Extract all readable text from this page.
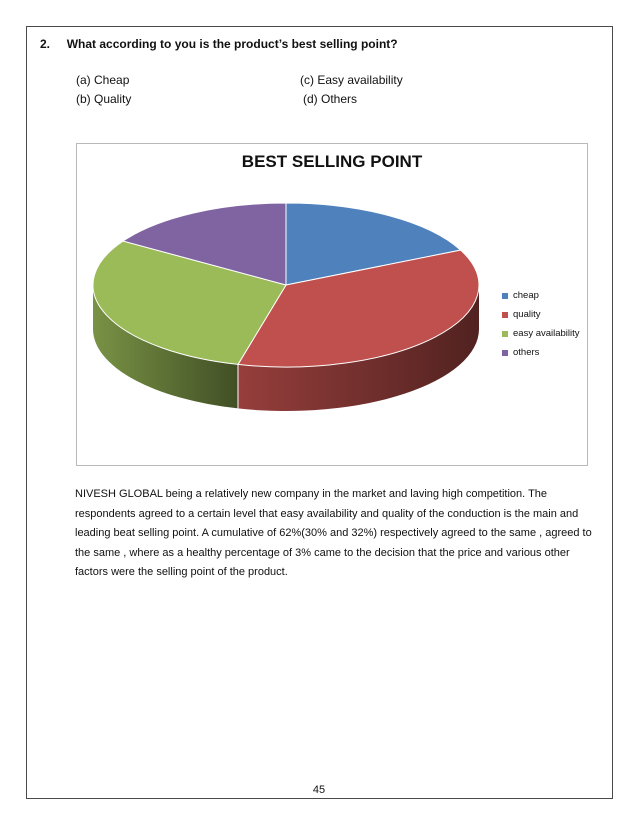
2. What according to you is the product’s best selling point?
(a) Cheap
(b) Quality
(c) Easy availability
(d) Others
BEST SELLING POINT
cheap
quality
easy availability
others

NIVESH GLOBAL being a relatively new company in the market and laving high competition. The respondents agreed to a certain level that easy availability and quality of the conduction is the main and leading beat selling point. A cumulative of 62%(30% and 32%) respectively agreed to the same , agreed to the same , where as a healthy percentage of 3% came to the decision that the price and various other factors were the selling point of the product.

45
